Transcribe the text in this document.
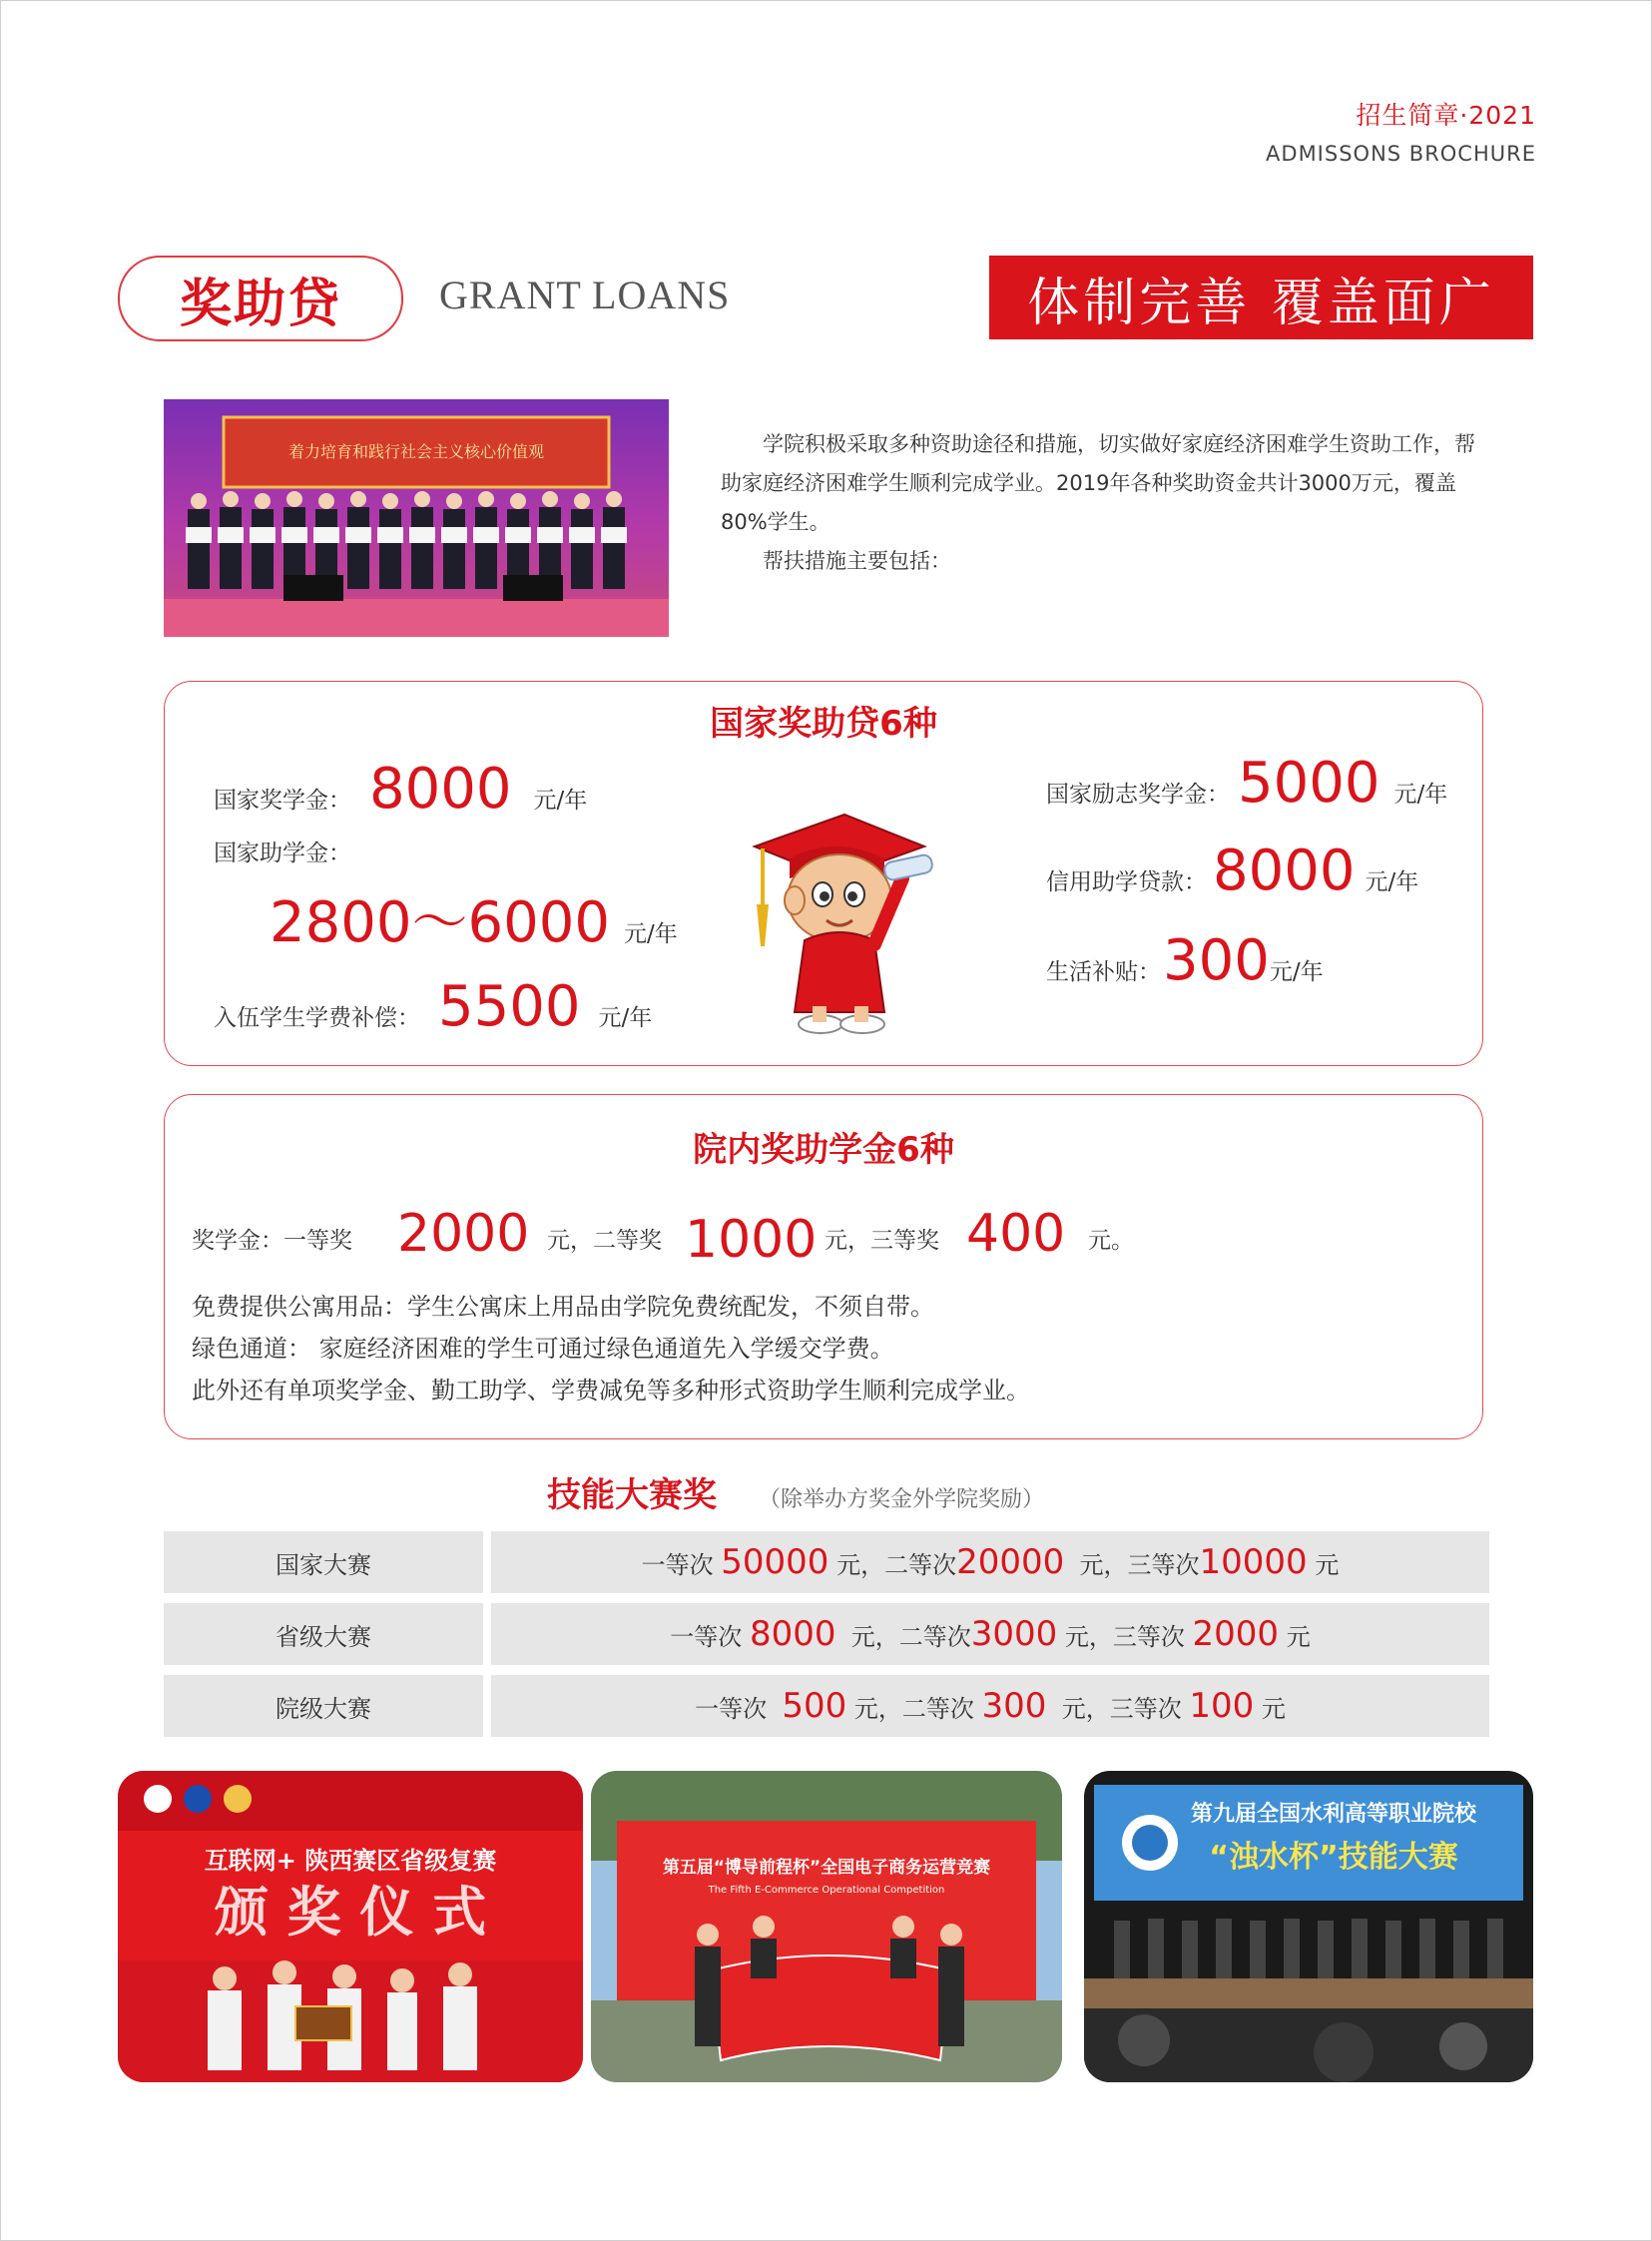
招生简章·2021
ADMISSONS BROCHURE
奖助贷 GRANT LOANS	体制完善 覆盖面广
着力培育和践行社会主义核心价值观	学院积极采取多种资助途径和措施，切实做好家庭经济困难学生资助工作，帮助家庭经济困难学生顺利完成学业。2019年各种奖助资金共计3000万元，覆盖80%学生。

帮扶措施主要包括：

国家奖助贷6种
国家奖学金： 8000 元/年
国家助学金：
2800～6000 元/年
入伍学生学费补偿： 5500 元/年
国家励志奖学金： 5000 元/年
信用助学贷款： 8000 元/年
生活补贴： 300 元/年
院内奖助学金6种
奖学金：一等奖 2000 元，二等奖 1000 元，三等奖 400 元。
免费提供公寓用品：学生公寓床上用品由学院免费统配发，不须自带。
绿色通道： 家庭经济困难的学生可通过绿色通道先入学缓交学费。
此外还有单项奖学金、勤工助学、学费减免等多种形式资助学生顺利完成学业。
技能大赛奖 （除举办方奖金外学院奖励）
国家大赛	一等次 50000 元，二等次 20000 元，三等次 10000 元
省级大赛	一等次 8000 元，二等次 3000 元，三等次 2000 元
院级大赛	一等次 500 元，二等次 300 元，三等次 100 元
互联网+ 陕西赛区省级复赛
颁 奖 仪 式
第五届“博导前程杯”全国电子商务运营竞赛
The Fifth E-Commerce Operational Competition
第九届全国水利高等职业院校
“浊水杯”技能大赛
